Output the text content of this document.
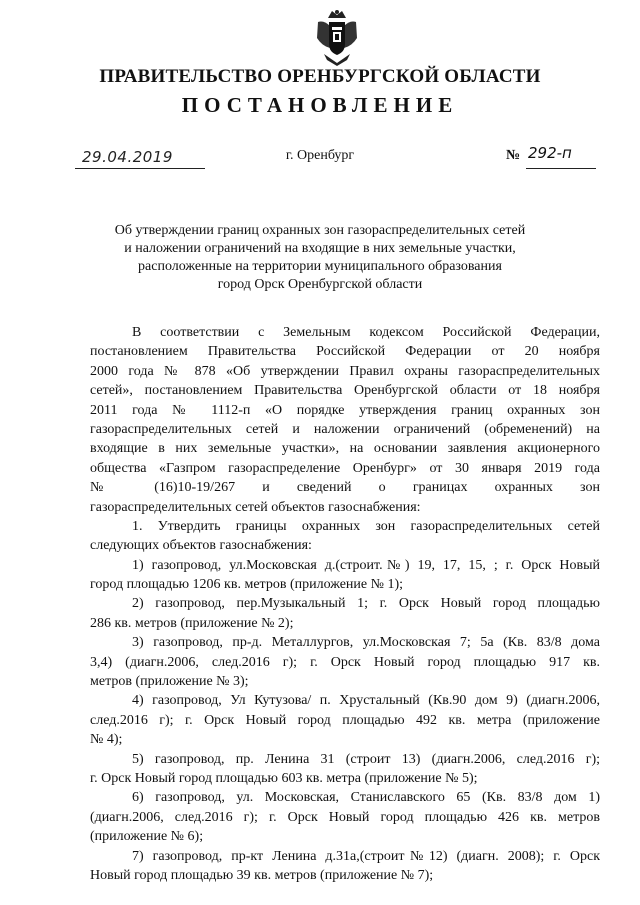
ПРАВИТЕЛЬСТВО ОРЕНБУРГСКОЙ ОБЛАСТИ
ПОСТАНОВЛЕНИЕ
29.04.2019	г. Оренбург	№ 292-п
Об утверждении границ охранных зон газораспределительных сетей
и наложении ограничений на входящие в них земельные участки,
расположенные на территории муниципального образования
город Орск Оренбургской области
В соответствии с Земельным кодексом Российской Федерации,
постановлением Правительства Российской Федерации от 20 ноября
2000 года № 878 «Об утверждении Правил охраны газораспределительных
сетей», постановлением Правительства Оренбургской области от 18 ноября
2011 года № 1112-п «О порядке утверждения границ охранных зон
газораспределительных сетей и наложении ограничений (обременений) на
входящие в них земельные участки», на основании заявления акционерного
общества «Газпром газораспределение Оренбург» от 30 января 2019 года
№ (16)10-19/267 и сведений о границах охранных зон
газораспределительных сетей объектов газоснабжения:
1. Утвердить границы охранных зон газораспределительных сетей
следующих объектов газоснабжения:
1) газопровод, ул.Московская д.(строит.№) 19, 17, 15, ; г. Орск Новый
город площадью 1206 кв. метров (приложение № 1);
2) газопровод, пер.Музыкальный 1; г. Орск Новый город площадью
286 кв. метров (приложение № 2);
3) газопровод, пр-д. Металлургов, ул.Московская 7; 5а (Кв. 83/8 дома
3,4) (диагн.2006, след.2016 г); г. Орск Новый город площадью 917 кв.
метров (приложение № 3);
4) газопровод, Ул Кутузова/ п. Хрустальный (Кв.90 дом 9) (диагн.2006,
след.2016 г); г. Орск Новый город площадью 492 кв. метра (приложение
№ 4);
5) газопровод, пр. Ленина 31 (строит 13) (диагн.2006, след.2016 г);
г. Орск Новый город площадью 603 кв. метра (приложение № 5);
6) газопровод, ул. Московская, Станиславского 65 (Кв. 83/8 дом 1)
(диагн.2006, след.2016 г); г. Орск Новый город площадью 426 кв. метров
(приложение № 6);
7) газопровод, пр-кт Ленина д.31а,(строит№12) (диагн. 2008); г. Орск
Новый город площадью 39 кв. метров (приложение № 7);
